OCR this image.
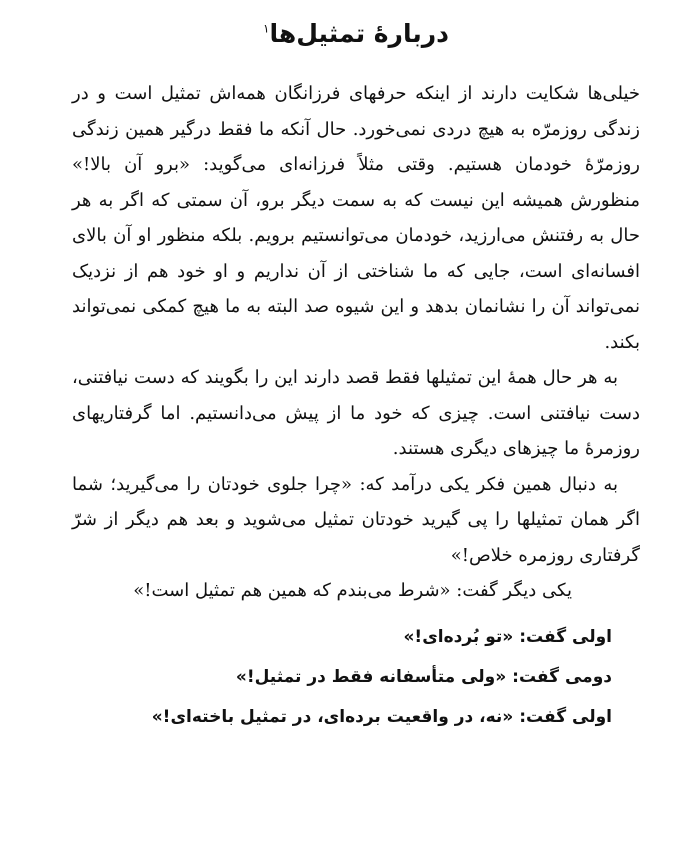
دربارهٔ تمثیل‌ها$^۱$

خیلی‌ها شکایت دارند از اینکه حرفهای فرزانگان همه‌اش تمثیل است و در زندگی روزمرّه به هیچ دردی نمی‌خورد. حال آنکه ما فقط درگیر همین زندگی روزمرّهٔ خودمان هستیم. وقتی مثلاً فرزانه‌ای می‌گوید: «برو آن بالا!» منظورش همیشه این نیست که به سمت دیگر برو، آن سمتی که اگر به هر حال به رفتنش می‌ارزید، خودمان می‌توانستیم برویم. بلکه منظور او آن بالای افسانه‌ای است، جایی که ما شناختی از آن نداریم و او خود هم از نزدیک نمی‌تواند آن را نشانمان بدهد و این شیوه صد البته به ما هیچ کمکی نمی‌تواند بکند.

به هر حال همهٔ این تمثیلها فقط قصد دارند این را بگویند که دست نیافتنی، دست نیافتنی است. چیزی که خود ما از پیش می‌دانستیم. اما گرفتاریهای روزمرهٔ ما چیزهای دیگری هستند.

به دنبال همین فکر یکی درآمد که: «چرا جلوی خودتان را می‌گیرید؛ شما اگر همان تمثیلها را پی گیرید خودتان تمثیل می‌شوید و بعد هم دیگر از شرّ گرفتاری روزمره خلاص!»

یکی دیگر گفت: «شرط می‌بندم که همین هم تمثیل است!»

اولی گفت: «تو بُرده‌ای!»

دومی گفت: «ولی متأسفانه فقط در تمثیل!»

اولی گفت: «نه، در واقعیت برده‌ای، در تمثیل باخته‌ای!»
